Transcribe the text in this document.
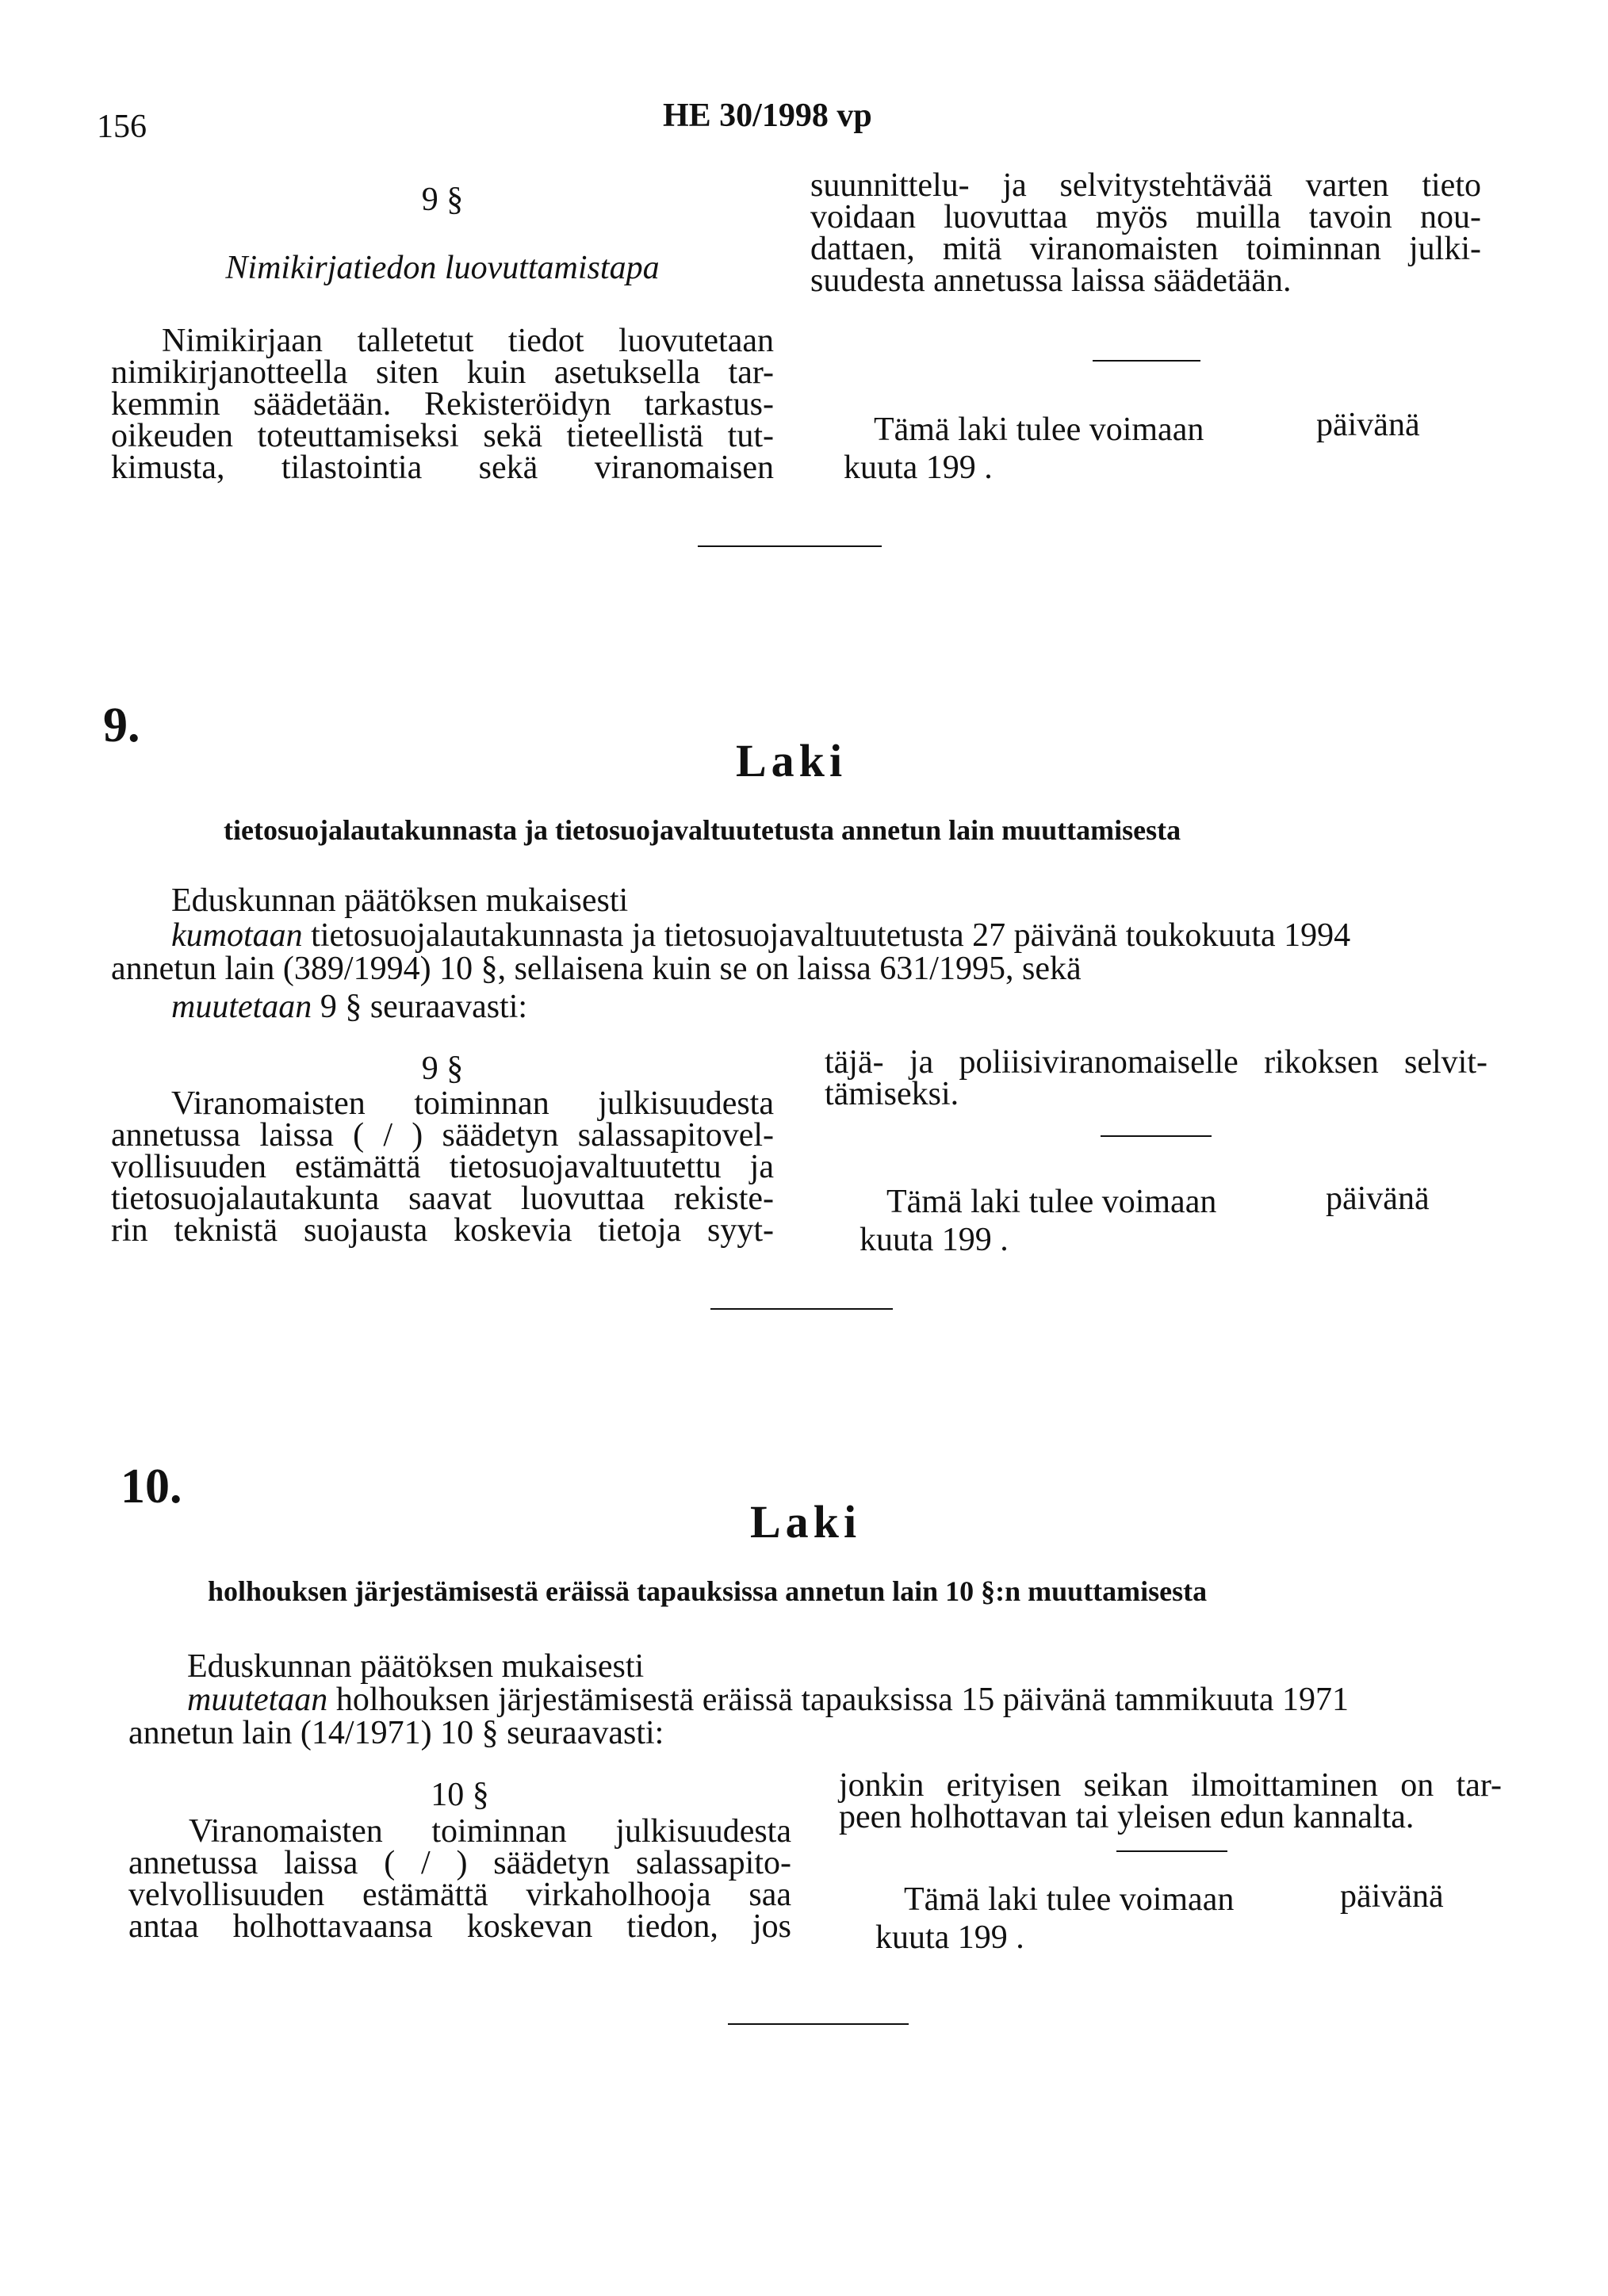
156	HE 30/1998 vp
9 §
Nimikirjatiedon luovuttamistapa
Nimikirjaan talletetut tiedot luovutetaan
nimikirjanotteella siten kuin asetuksella tar-
kemmin säädetään. Rekisteröidyn tarkastus-
oikeuden toteuttamiseksi sekä tieteellistä tut-
kimusta, tilastointia sekä viranomaisen
suunnittelu- ja selvitystehtävää varten tieto
voidaan luovuttaa myös muilla tavoin nou-
dattaen, mitä viranomaisten toiminnan julki-
suudesta annetussa laissa säädetään.
Tämä laki tulee voimaan	päivänä
kuuta 199 .
9.
Laki
tietosuojalautakunnasta ja tietosuojavaltuutetusta annetun lain muuttamisesta
Eduskunnan päätöksen mukaisesti
kumotaan tietosuojalautakunnasta ja tietosuojavaltuutetusta 27 päivänä toukokuuta 1994
annetun lain (389/1994) 10 §, sellaisena kuin se on laissa 631/1995, sekä
muutetaan 9 § seuraavasti:
9 §
Viranomaisten toiminnan julkisuudesta
annetussa laissa ( / ) säädetyn salassapitovel-
vollisuuden estämättä tietosuojavaltuutettu ja
tietosuojalautakunta saavat luovuttaa rekiste-
rin teknistä suojausta koskevia tietoja syyt-
täjä- ja poliisiviranomaiselle rikoksen selvit-
tämiseksi.
Tämä laki tulee voimaan	päivänä
kuuta 199 .
10.
Laki
holhouksen järjestämisestä eräissä tapauksissa annetun lain 10 §:n muuttamisesta
Eduskunnan päätöksen mukaisesti
muutetaan holhouksen järjestämisestä eräissä tapauksissa 15 päivänä tammikuuta 1971
annetun lain (14/1971) 10 § seuraavasti:
10 §
Viranomaisten toiminnan julkisuudesta
annetussa laissa ( / ) säädetyn salassapito-
velvollisuuden estämättä virkaholhooja saa
antaa holhottavaansa koskevan tiedon, jos
jonkin erityisen seikan ilmoittaminen on tar-
peen holhottavan tai yleisen edun kannalta.
Tämä laki tulee voimaan	päivänä
kuuta 199 .
